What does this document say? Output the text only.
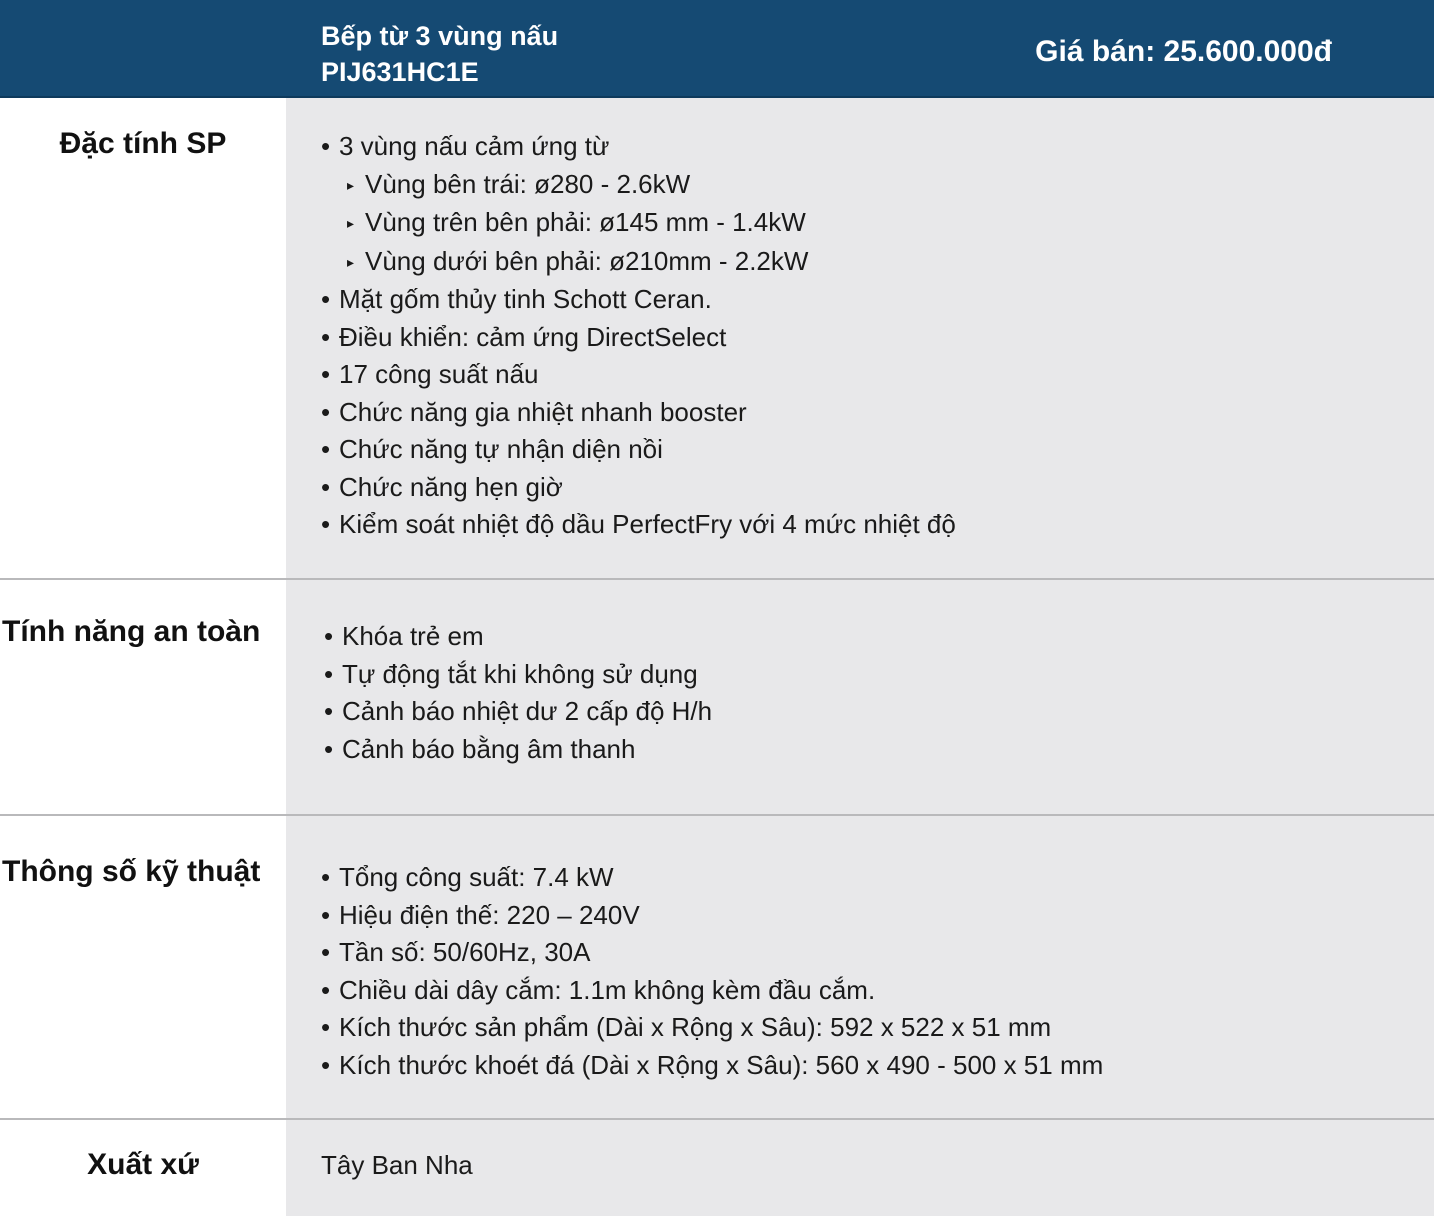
Bếp từ 3 vùng nấu
PIJ631HC1E
Giá bán: 25.600.000đ
Đặc tính SP	• 3 vùng nấu cảm ứng từ
▸ Vùng bên trái: ø280 - 2.6kW
▸ Vùng trên bên phải: ø145 mm - 1.4kW
▸ Vùng dưới bên phải: ø210mm - 2.2kW
• Mặt gốm thủy tinh Schott Ceran.
• Điều khiển: cảm ứng DirectSelect
• 17 công suất nấu
• Chức năng gia nhiệt nhanh booster
• Chức năng tự nhận diện nồi
• Chức năng hẹn giờ
• Kiểm soát nhiệt độ dầu PerfectFry với 4 mức nhiệt độ
Tính năng an toàn	• Khóa trẻ em
• Tự động tắt khi không sử dụng
• Cảnh báo nhiệt dư 2 cấp độ H/h
• Cảnh báo bằng âm thanh
Thông số kỹ thuật	• Tổng công suất: 7.4 kW
• Hiệu điện thế: 220 – 240V
• Tần số: 50/60Hz, 30A
• Chiều dài dây cắm: 1.1m không kèm đầu cắm.
• Kích thước sản phẩm (Dài x Rộng x Sâu): 592 x 522 x 51 mm
• Kích thước khoét đá (Dài x Rộng x Sâu): 560 x 490 - 500 x 51 mm
Xuất xứ	Tây Ban Nha
